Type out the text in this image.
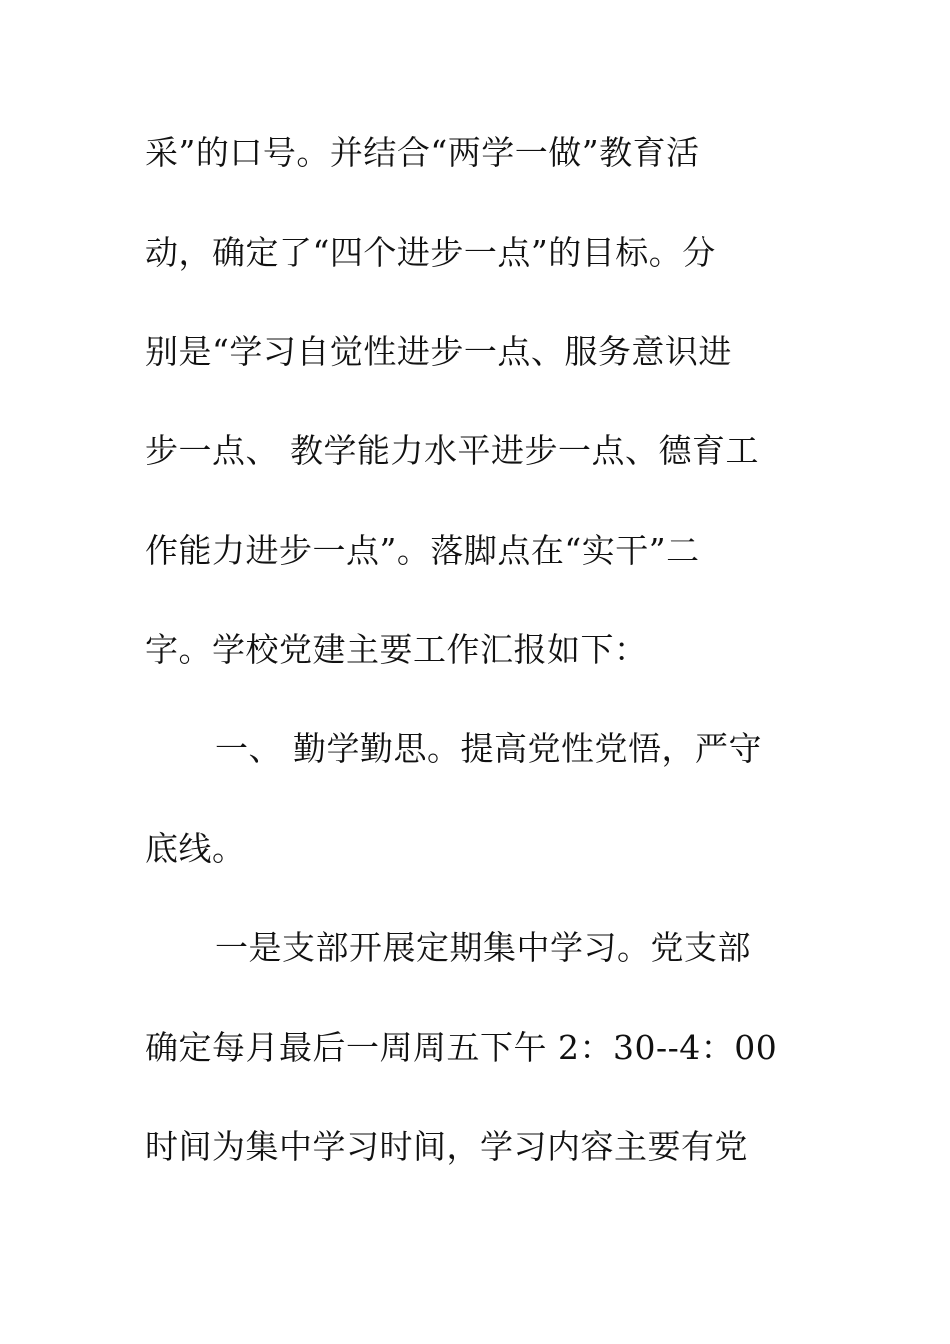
采”的口号。并结合“两学一做”教育活
动，确定了“四个进步一点”的目标。分
别是“学习自觉性进步一点、服务意识进
步一点、 教学能力水平进步一点、德育工
作能力进步一点”。落脚点在“实干”二
字。学校党建主要工作汇报如下：
一、 勤学勤思。提高党性党悟，严守
底线。
一是支部开展定期集中学习。党支部
确定每月最后一周周五下午 2：30--4：00
时间为集中学习时间，学习内容主要有党
